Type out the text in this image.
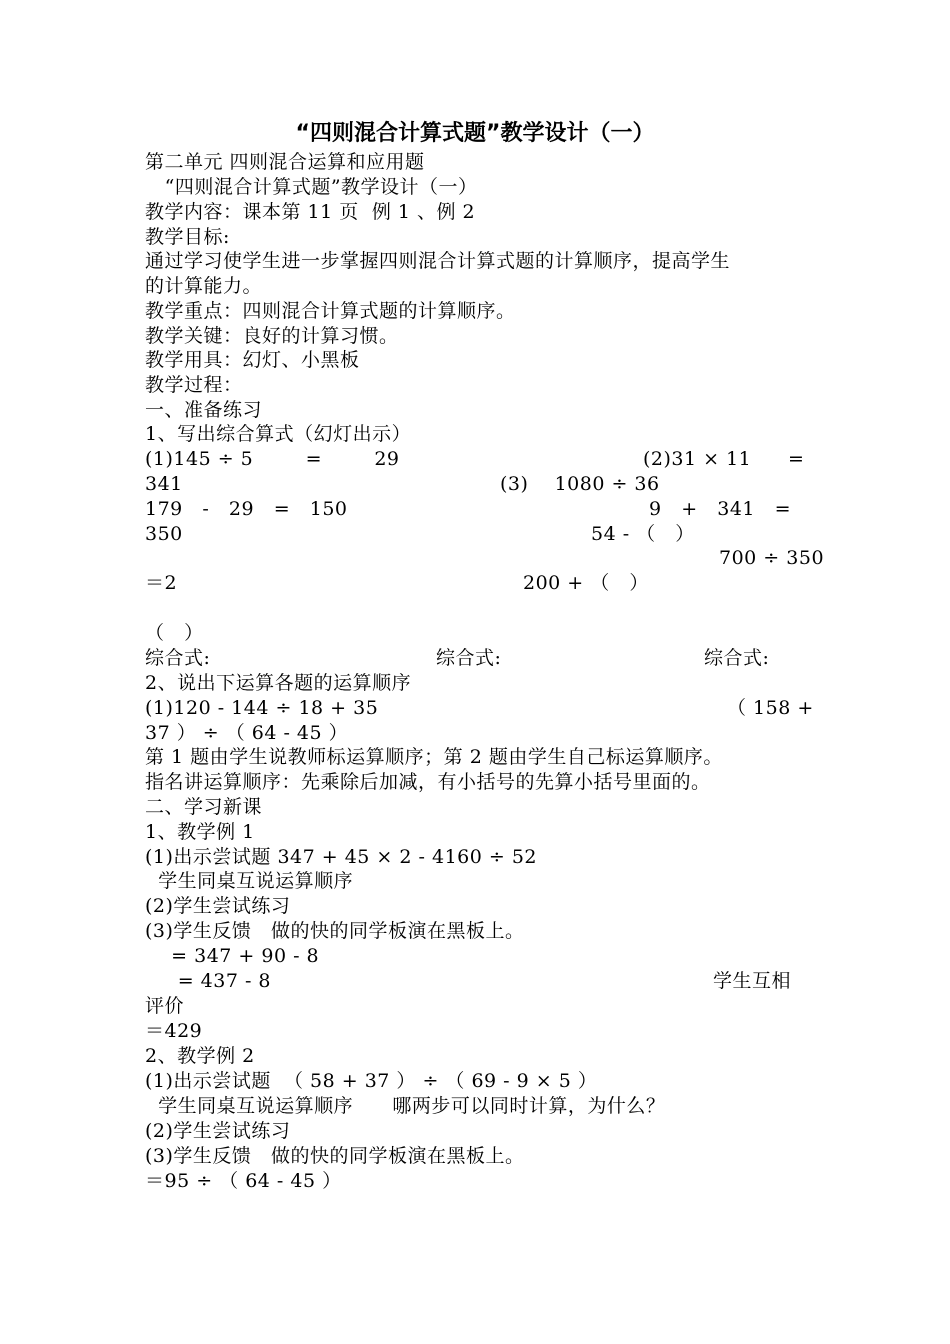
“四则混合计算式题”教学设计（一）
第二单元 四则混合运算和应用题
“四则混合计算式题”教学设计（一）
教学内容：课本第 11 页  例 1 、例 2
教学目标:
通过学习使学生进一步掌握四则混合计算式题的计算顺序，提高学生
的计算能力。
教学重点：四则混合计算式题的计算顺序。
教学关键：良好的计算习惯。
教学用具：幻灯、小黑板
教学过程：
一、准备练习
1、写出综合算式（幻灯出示）
(1)145 ÷ 5        =        29	(2)31 × 11 =
341	(3)    1080 ÷ 36
179   -   29   =   150	9   +   341   =
350	54 - （   ）
700 ÷ 350
＝2	200 + （   ）
（   ）
综合式:	综合式:	综合式:
2、说出下运算各题的运算顺序
(1)120 - 144 ÷ 18 + 35	（ 158 +
37 ） ÷ （ 64 - 45 ）
第 1 题由学生说教师标运算顺序；第 2 题由学生自己标运算顺序。
指名讲运算顺序：先乘除后加减，有小括号的先算小括号里面的。
二、学习新课
1、教学例 1
(1)出示尝试题 347 + 45 × 2 - 4160 ÷ 52
学生同桌互说运算顺序
(2)学生尝试练习
(3)学生反馈   做的快的同学板演在黑板上。
= 347 + 90 - 8
= 437 - 8	学生互相
评价
＝429
2、教学例 2
(1)出示尝试题  （ 58 + 37 ） ÷ （ 69 - 9 × 5 ）
学生同桌互说运算顺序      哪两步可以同时计算，为什么？
(2)学生尝试练习
(3)学生反馈   做的快的同学板演在黑板上。
＝95 ÷ （ 64 - 45 ）
